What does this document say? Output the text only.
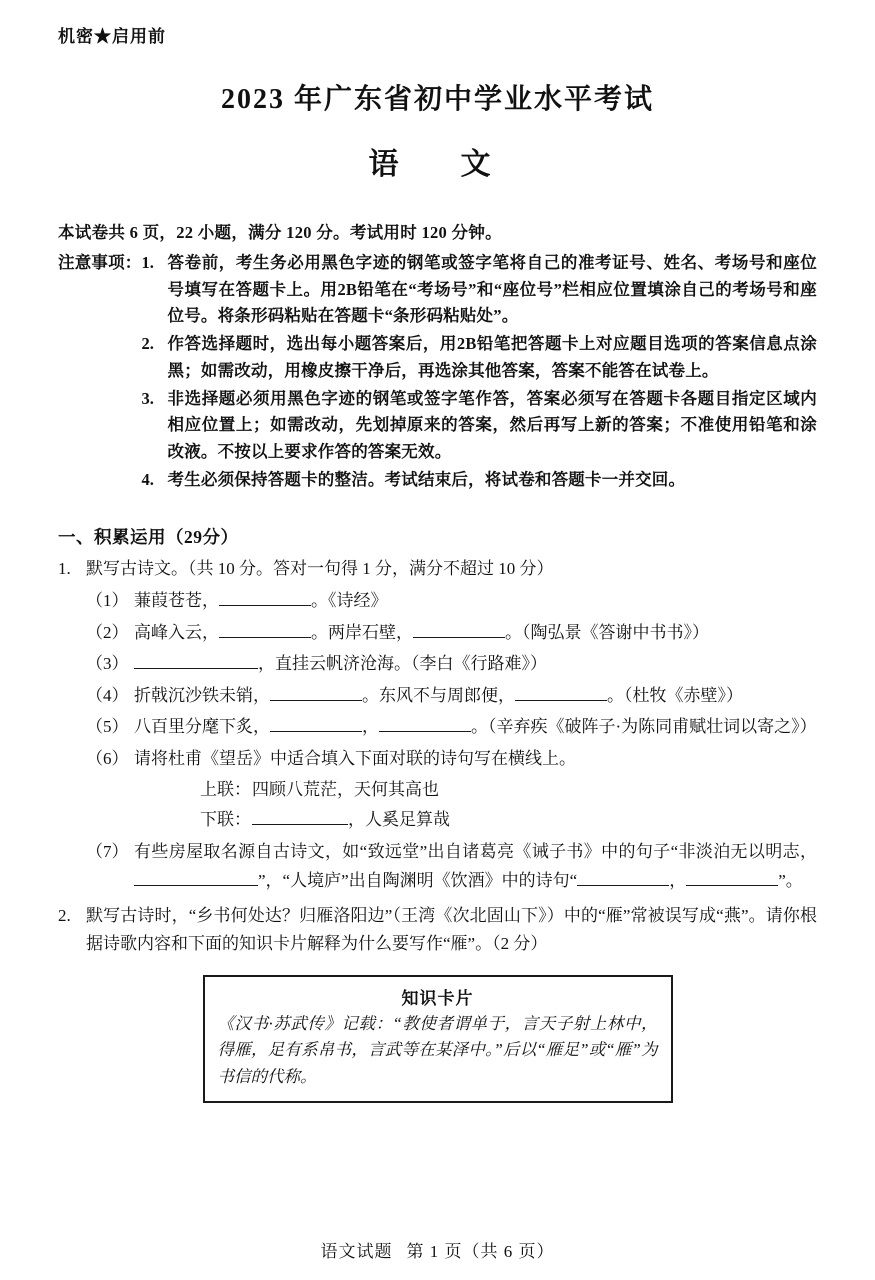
机密★启用前
2023 年广东省初中学业水平考试
语　文
本试卷共 6 页，22 小题，满分 120 分。考试用时 120 分钟。
注意事项： 1. 答卷前，考生务必用黑色字迹的钢笔或签字笔将自己的准考证号、姓名、考场号和座位号填写在答题卡上。用2B铅笔在“考场号”和“座位号”栏相应位置填涂自己的考场号和座位号。将条形码粘贴在答题卡“条形码粘贴处”。
2. 作答选择题时，选出每小题答案后，用2B铅笔把答题卡上对应题目选项的答案信息点涂黑；如需改动，用橡皮擦干净后，再选涂其他答案，答案不能答在试卷上。
3. 非选择题必须用黑色字迹的钢笔或签字笔作答，答案必须写在答题卡各题目指定区域内相应位置上；如需改动，先划掉原来的答案，然后再写上新的答案；不准使用铅笔和涂改液。不按以上要求作答的答案无效。
4. 考生必须保持答题卡的整洁。考试结束后，将试卷和答题卡一并交回。
一、积累运用（29分）
1. 默写古诗文。（共 10 分。答对一句得 1 分，满分不超过 10 分）
（1） 蒹葭苍苍，	。《诗经》
（2） 高峰入云，	。两岸石壁，	。（陶弘景《答谢中书书》）
（3）	，直挂云帆济沧海。（李白《行路难》）
（4） 折戟沉沙铁未销，	。东风不与周郎便，	。（杜牧《赤壁》）
（5） 八百里分麾下炙，	，	。（辛弃疾《破阵子·为陈同甫赋壮词以寄之》）
（6） 请将杜甫《望岳》中适合填入下面对联的诗句写在横线上。
上联： 四顾八荒茫，天何其高也
下联：	，人奚足算哉
（7） 有些房屋取名源自古诗文，如“致远堂”出自诸葛亮《诫子书》中的句子“非淡泊无以明志，”，“人境庐”出自陶渊明《饮酒》中的诗句“	，	”。
2. 默写古诗时，“乡书何处达？归雁洛阳边”（王湾《次北固山下》）中的“雁”常被误写成“燕”。请你根据诗歌内容和下面的知识卡片解释为什么要写作“雁”。（2 分）
知识卡片
《汉书·苏武传》记载：“教使者谓单于，言天子射上林中，得雁，足有系帛书，言武等在某泽中。”后以“雁足”或“雁”为书信的代称。
语文试题 第 1 页（共 6 页）
